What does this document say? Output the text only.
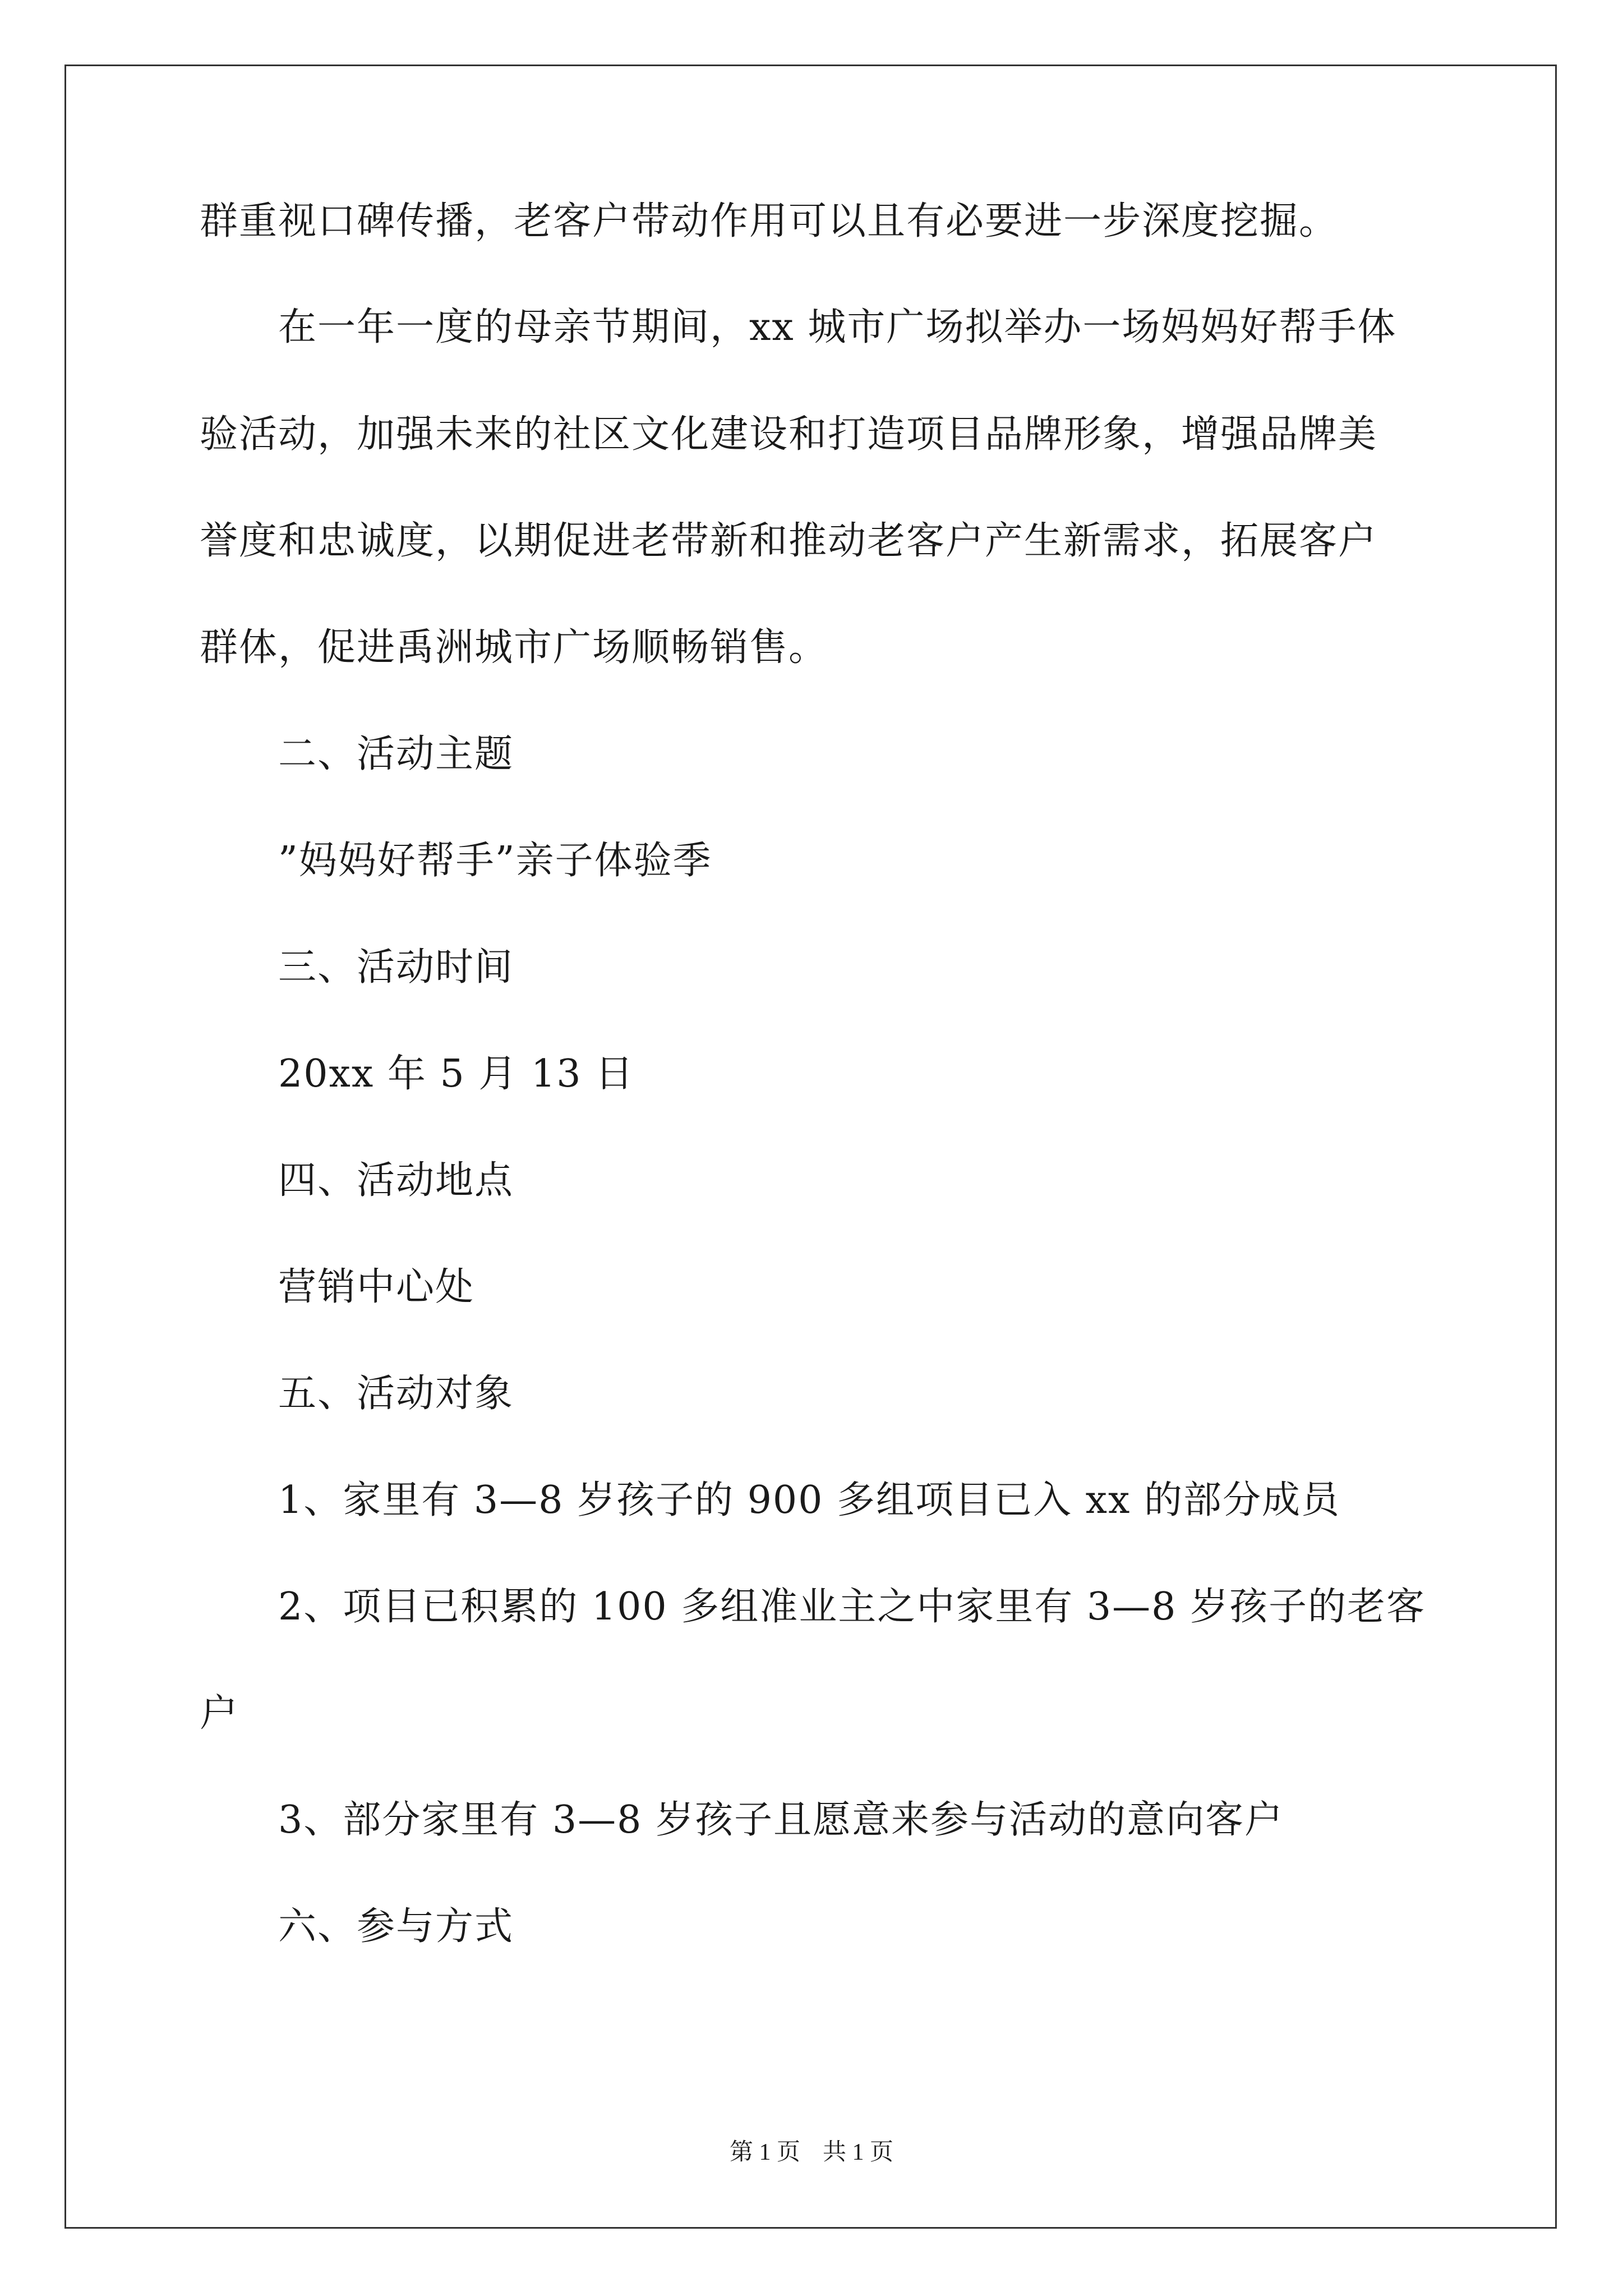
群重视口碑传播，老客户带动作用可以且有必要进一步深度挖掘。
在一年一度的母亲节期间，xx 城市广场拟举办一场妈妈好帮手体
验活动，加强未来的社区文化建设和打造项目品牌形象，增强品牌美
誉度和忠诚度，以期促进老带新和推动老客户产生新需求，拓展客户
群体，促进禹洲城市广场顺畅销售。
二、活动主题
”妈妈好帮手”亲子体验季
三、活动时间
20xx 年 5 月 13 日
四、活动地点
营销中心处
五、活动对象
1、家里有 3—8 岁孩子的 900 多组项目已入 xx 的部分成员
2、项目已积累的 100 多组准业主之中家里有 3—8 岁孩子的老客
户
3、部分家里有 3—8 岁孩子且愿意来参与活动的意向客户
六、参与方式
第 1 页 共 1 页
